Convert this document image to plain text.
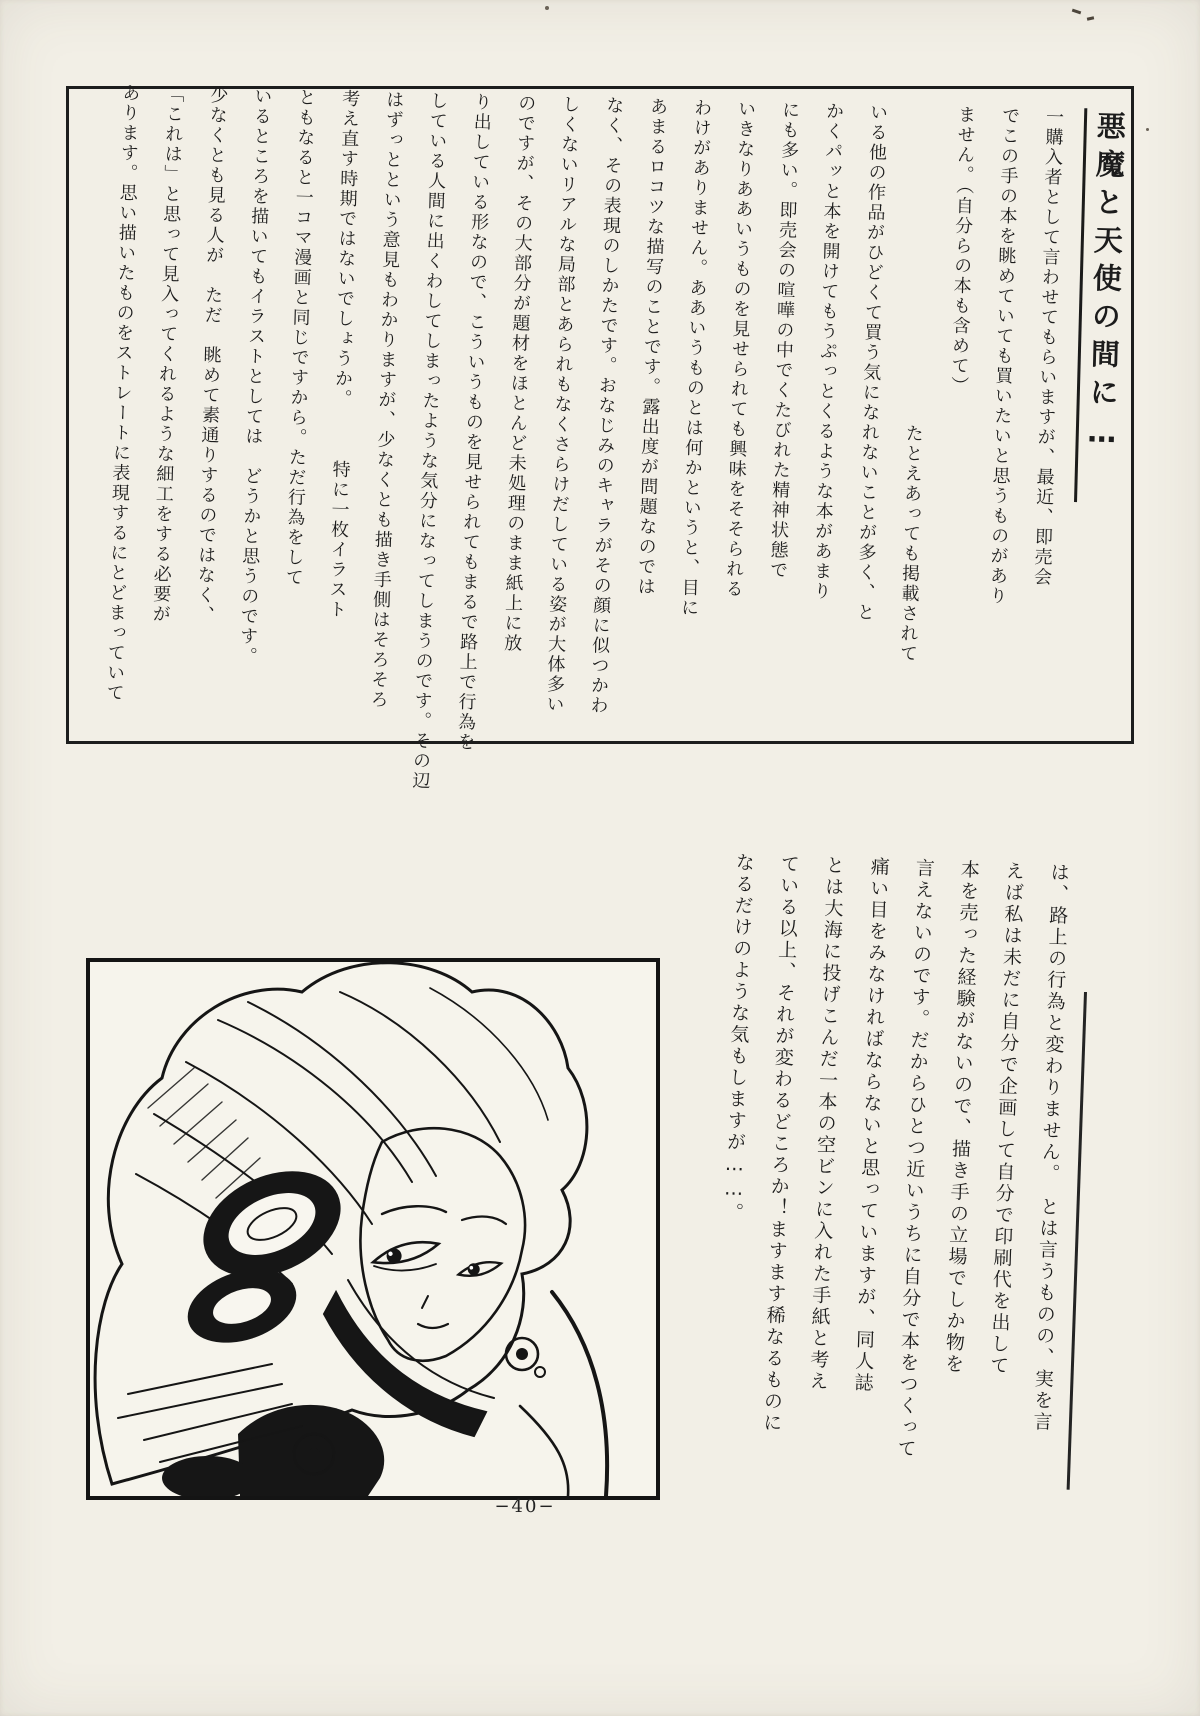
悪魔と天使の間に…
一購入者として言わせてもらいますが、最近、即売会
でこの手の本を眺めていても買いたいと思うものがあり
ません。（自分らの本も含めて）
　　　　　　　　　　　　　　　　たとえあっても掲載されて
いる他の作品がひどくて買う気になれないことが多く、と
かくパッと本を開けてもうぷっとくるような本があまり
にも多い。即売会の喧嘩の中でくたびれた精神状態で
いきなりああいうものを見せられても興味をそそられる
わけがありません。ああいうものとは何かというと、目に
あまるロコツな描写のことです。露出度が問題なのでは
なく、その表現のしかたです。おなじみのキャラがその顔に似つかわ
しくないリアルな局部とあられもなくさらけだしている姿が大体多い
のですが、その大部分が題材をほとんど未処理のまま紙上に放
り出している形なので、こういうものを見せられてもまるで路上で行為を
している人間に出くわしてしまったような気分になってしまうのです。その辺
はずっとという意見もわかりますが、少なくとも描き手側はそろそろ
考え直す時期ではないでしょうか。　　　特に一枚イラスト
ともなると一コマ漫画と同じですから。ただ行為をして
いるところを描いてもイラストとしては　どうかと思うのです。
少なくとも見る人が　ただ　眺めて素通りするのではなく、
「これは」と思って見入ってくれるような細工をする必要が
あります。思い描いたものをストレートに表現するにとどまっていて
は、路上の行為と変わりません。　とは言うものの、実を言
えば私は未だに自分で企画して自分で印刷代を出して
本を売った経験がないので、描き手の立場でしか物を
言えないのです。だからひとつ近いうちに自分で本をつくって
痛い目をみなければならないと思っていますが、同人誌
とは大海に投げこんだ一本の空ビンに入れた手紙と考え
ている以上、それが変わるどころか！ますます稀なるものに
なるだけのような気もしますが……。
−40−
